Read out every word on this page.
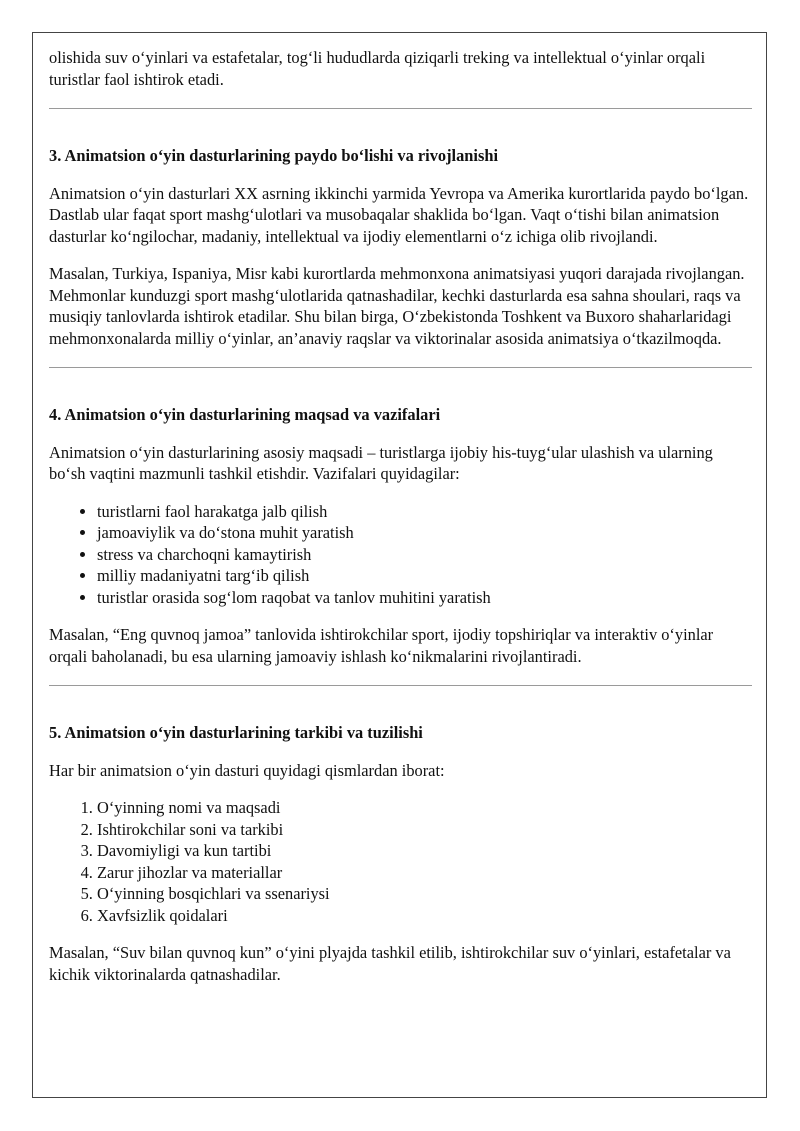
olishida suv oʻyinlari va estafetalar, togʻli hududlarda qiziqarli treking va intellektual oʻyinlar orqali turistlar faol ishtirok etadi.

3. Animatsion oʻyin dasturlarining paydo boʻlishi va rivojlanishi

Animatsion oʻyin dasturlari XX asrning ikkinchi yarmida Yevropa va Amerika kurortlarida paydo boʻlgan. Dastlab ular faqat sport mashgʻulotlari va musobaqalar shaklida boʻlgan. Vaqt oʻtishi bilan animatsion dasturlar koʻngilochar, madaniy, intellektual va ijodiy elementlarni oʻz ichiga olib rivojlandi.

Masalan, Turkiya, Ispaniya, Misr kabi kurortlarda mehmonxona animatsiyasi yuqori darajada rivojlangan. Mehmonlar kunduzgi sport mashgʻulotlarida qatnashadilar, kechki dasturlarda esa sahna shoulari, raqs va musiqiy tanlovlarda ishtirok etadilar. Shu bilan birga, Oʻzbekistonda Toshkent va Buxoro shaharlaridagi mehmonxonalarda milliy oʻyinlar, an’anaviy raqslar va viktorinalar asosida animatsiya oʻtkazilmoqda.

4. Animatsion oʻyin dasturlarining maqsad va vazifalari

Animatsion oʻyin dasturlarining asosiy maqsadi – turistlarga ijobiy his-tuygʻular ulashish va ularning boʻsh vaqtini mazmunli tashkil etishdir. Vazifalari quyidagilar:

• turistlarni faol harakatga jalb qilish
• jamoaviylik va doʻstona muhit yaratish
• stress va charchoqni kamaytirish
• milliy madaniyatni targʻib qilish
• turistlar orasida sogʻlom raqobat va tanlov muhitini yaratish

Masalan, “Eng quvnoq jamoa” tanlovida ishtirokchilar sport, ijodiy topshiriqlar va interaktiv oʻyinlar orqali baholanadi, bu esa ularning jamoaviy ishlash koʻnikmalarini rivojlantiradi.

5. Animatsion oʻyin dasturlarining tarkibi va tuzilishi

Har bir animatsion oʻyin dasturi quyidagi qismlardan iborat:

1. Oʻyinning nomi va maqsadi
2. Ishtirokchilar soni va tarkibi
3. Davomiyligi va kun tartibi
4. Zarur jihozlar va materiallar
5. Oʻyinning bosqichlari va ssenariysi
6. Xavfsizlik qoidalari

Masalan, “Suv bilan quvnoq kun” oʻyini plyajda tashkil etilib, ishtirokchilar suv oʻyinlari, estafetalar va kichik viktorinalarda qatnashadilar.
